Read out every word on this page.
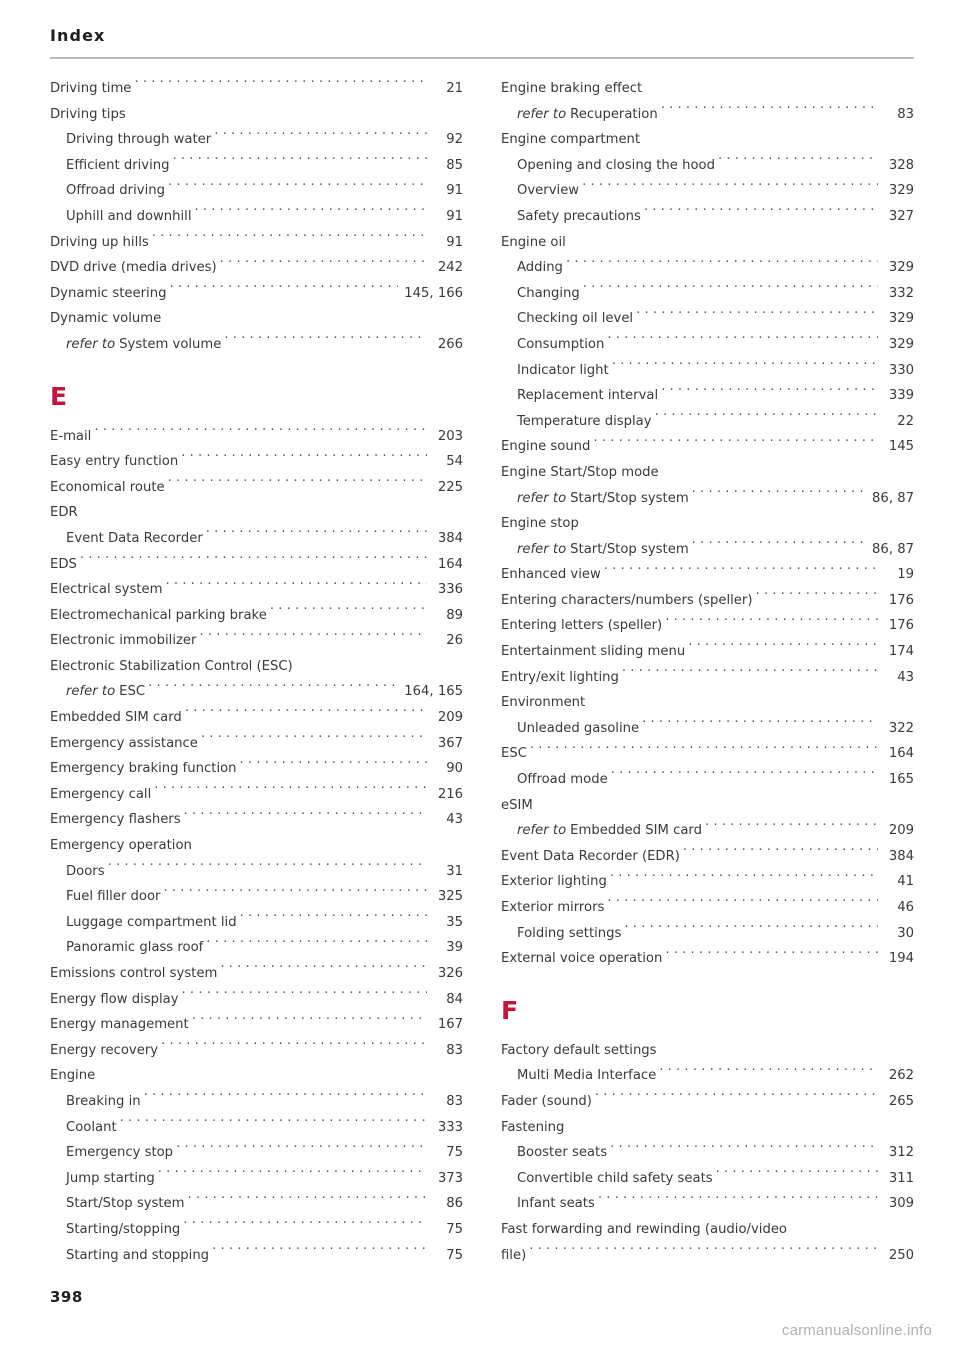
Index
Driving time . . .	21
Driving tips
Driving through water . . .	92
Efficient driving . . .	85
Offroad driving . . .	91
Uphill and downhill . . .	91
Driving up hills . . .	91
DVD drive (media drives) . . .	242
Dynamic steering . . .	145, 166
Dynamic volume
refer to System volume . . .	266
E
E-mail . . .	203
Easy entry function . . .	54
Economical route . . .	225
EDR
Event Data Recorder . . .	384
EDS . . .	164
Electrical system . . .	336
Electromechanical parking brake . . .	89
Electronic immobilizer . . .	26
Electronic Stabilization Control (ESC)
refer to ESC . . .	164, 165
Embedded SIM card . . .	209
Emergency assistance . . .	367
Emergency braking function . . .	90
Emergency call . . .	216
Emergency flashers . . .	43
Emergency operation
Doors . . .	31
Fuel filler door . . .	325
Luggage compartment lid . . .	35
Panoramic glass roof . . .	39
Emissions control system . . .	326
Energy flow display . . .	84
Energy management . . .	167
Energy recovery . . .	83
Engine
Breaking in . . .	83
Coolant . . .	333
Emergency stop . . .	75
Jump starting . . .	373
Start/Stop system . . .	86
Starting/stopping . . .	75
Starting and stopping . . .	75
Engine braking effect
refer to Recuperation . . .	83
Engine compartment
Opening and closing the hood . . .	328
Overview . . .	329
Safety precautions . . .	327
Engine oil
Adding . . .	329
Changing . . .	332
Checking oil level . . .	329
Consumption . . .	329
Indicator light . . .	330
Replacement interval . . .	339
Temperature display . . .	22
Engine sound . . .	145
Engine Start/Stop mode
refer to Start/Stop system . . .	86, 87
Engine stop
refer to Start/Stop system . . .	86, 87
Enhanced view . . .	19
Entering characters/numbers (speller) . . .	176
Entering letters (speller) . . .	176
Entertainment sliding menu . . .	174
Entry/exit lighting . . .	43
Environment
Unleaded gasoline . . .	322
ESC . . .	164
Offroad mode . . .	165
eSIM
refer to Embedded SIM card . . .	209
Event Data Recorder (EDR) . . .	384
Exterior lighting . . .	41
Exterior mirrors . . .	46
Folding settings . . .	30
External voice operation . . .	194
F
Factory default settings
Multi Media Interface . . .	262
Fader (sound) . . .	265
Fastening
Booster seats . . .	312
Convertible child safety seats . . .	311
Infant seats . . .	309
Fast forwarding and rewinding (audio/video
file) . . .	250
398
carmanualsonline.info
